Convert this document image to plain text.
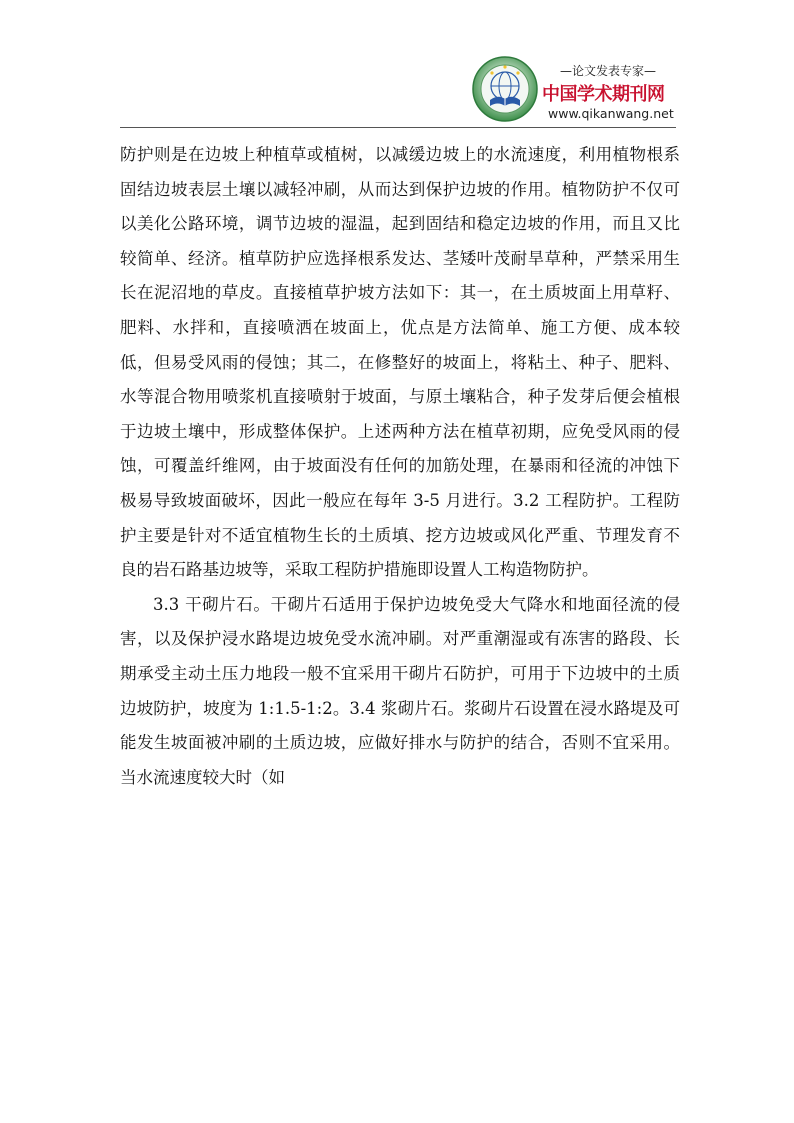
—论文发表专家—
中国学术期刊网
www.qikanwang.net

防护则是在边坡上种植草或植树，以减缓边坡上的水流速度，利用植物根系固结边坡表层土壤以减轻冲刷，从而达到保护边坡的作用。植物防护不仅可以美化公路环境，调节边坡的湿温，起到固结和稳定边坡的作用，而且又比较简单、经济。植草防护应选择根系发达、茎矮叶茂耐旱草种，严禁采用生长在泥沼地的草皮。直接植草护坡方法如下：其一，在土质坡面上用草籽、肥料、水拌和，直接喷洒在坡面上，优点是方法简单、施工方便、成本较低，但易受风雨的侵蚀；其二，在修整好的坡面上，将粘土、种子、肥料、水等混合物用喷浆机直接喷射于坡面，与原土壤粘合，种子发芽后便会植根于边坡土壤中，形成整体保护。上述两种方法在植草初期，应免受风雨的侵蚀，可覆盖纤维网，由于坡面没有任何的加筋处理，在暴雨和径流的冲蚀下极易导致坡面破坏，因此一般应在每年 3-5 月进行。3.2 工程防护。工程防护主要是针对不适宜植物生长的土质填、挖方边坡或风化严重、节理发育不良的岩石路基边坡等，采取工程防护措施即设置人工构造物防护。

3.3 干砌片石。干砌片石适用于保护边坡免受大气降水和地面径流的侵害，以及保护浸水路堤边坡免受水流冲刷。对严重潮湿或有冻害的路段、长期承受主动土压力地段一般不宜采用干砌片石防护，可用于下边坡中的土质边坡防护，坡度为 1:1.5-1:2。3.4 浆砌片石。浆砌片石设置在浸水路堤及可能发生坡面被冲刷的土质边坡，应做好排水与防护的结合，否则不宜采用。当水流速度较大时（如
